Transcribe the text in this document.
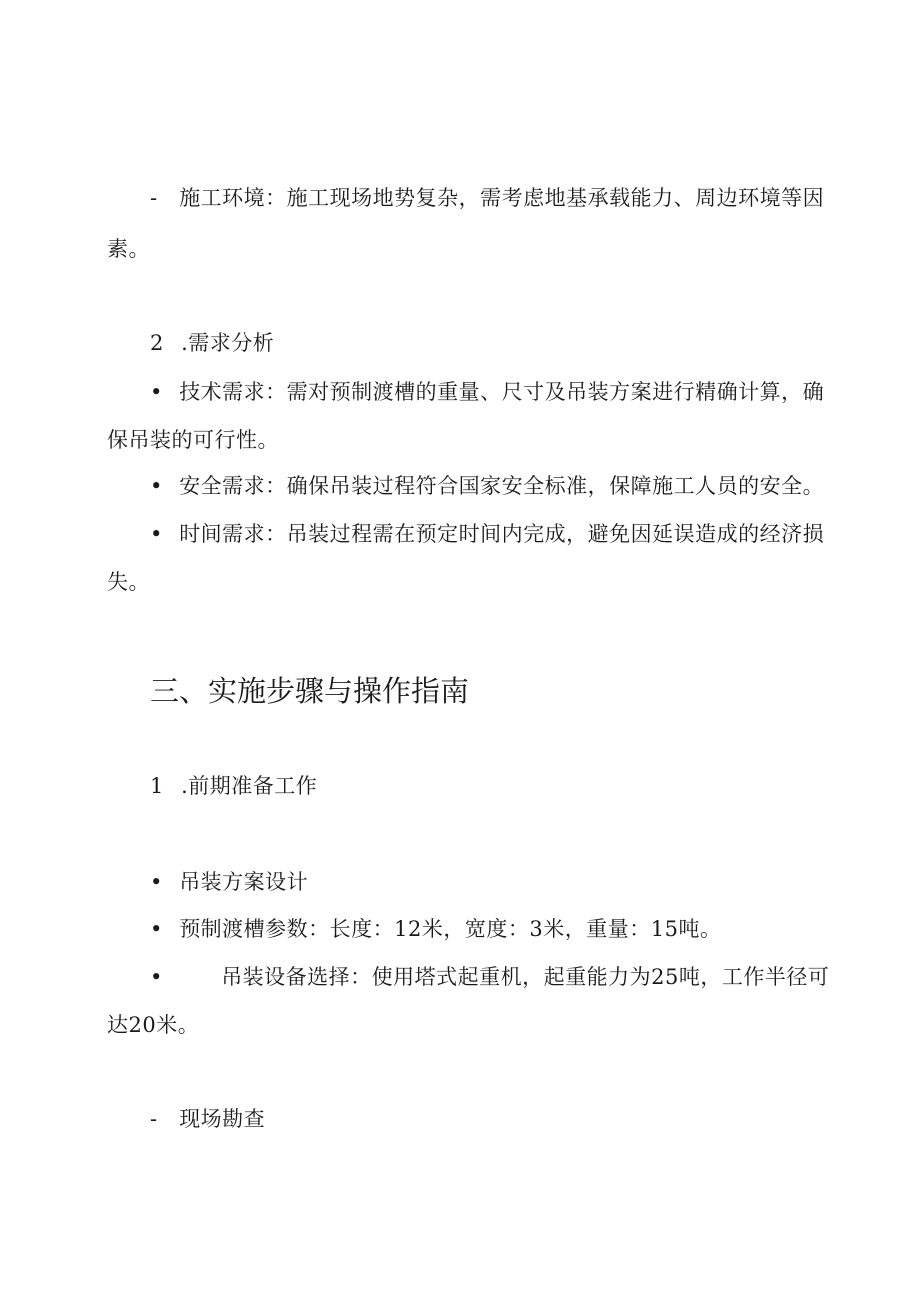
- 施工环境：施工现场地势复杂，需考虑地基承载能力、周边环境等因
素。
2 .需求分析
• 技术需求：需对预制渡槽的重量、尺寸及吊装方案进行精确计算，确
保吊装的可行性。
• 安全需求：确保吊装过程符合国家安全标准，保障施工人员的安全。
• 时间需求：吊装过程需在预定时间内完成，避免因延误造成的经济损
失。
三、实施步骤与操作指南
1 .前期准备工作
• 吊装方案设计
• 预制渡槽参数：长度：12米，宽度：3米，重量：15吨。
•	吊装设备选择：使用塔式起重机，起重能力为25吨，工作半径可
达20米。
- 现场勘查
